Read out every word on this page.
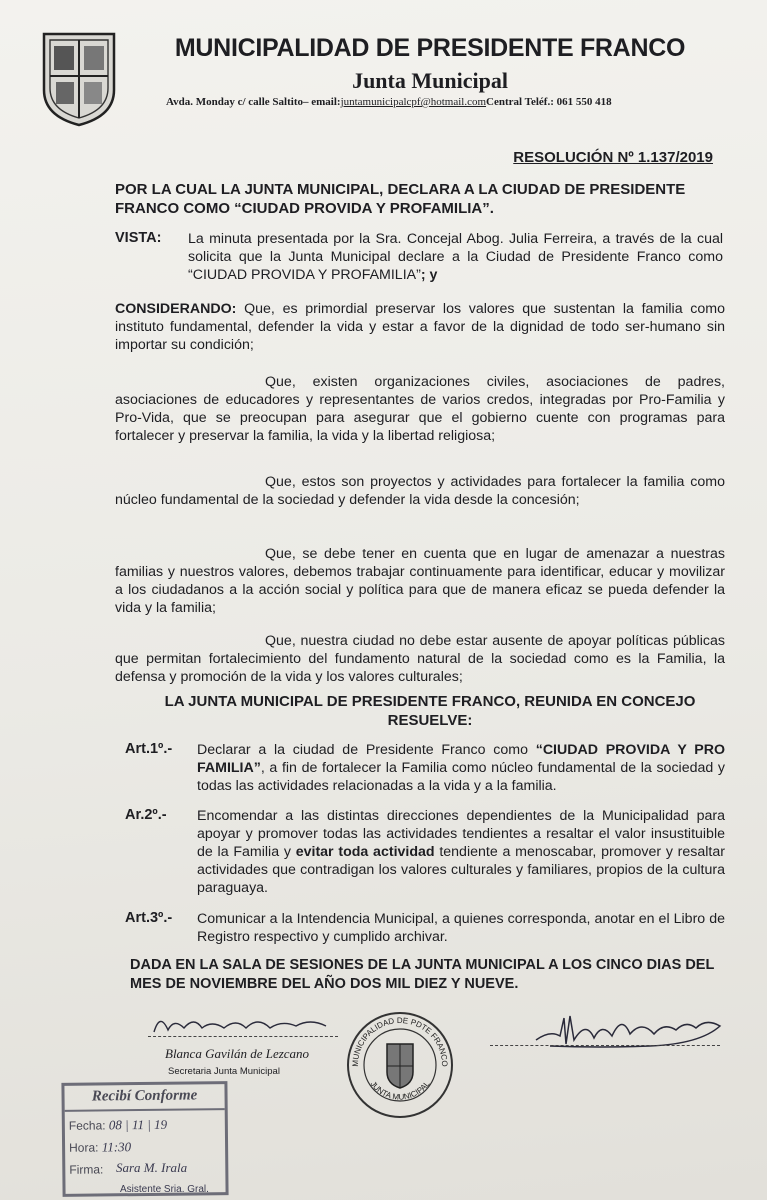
MUNICIPALIDAD DE PRESIDENTE FRANCO
Junta Municipal
Avda. Monday c/ calle Saltito– email:juntamunicipalcpf@hotmail.comCentral Teléf.: 061 550 418
RESOLUCIÓN Nº 1.137/2019
POR LA CUAL LA JUNTA MUNICIPAL, DECLARA A LA CIUDAD DE PRESIDENTE FRANCO COMO “CIUDAD PROVIDA Y PROFAMILIA”.
VISTA: La minuta presentada por la Sra. Concejal Abog. Julia Ferreira, a través de la cual solicita que la Junta Municipal declare a la Ciudad de Presidente Franco como “CIUDAD PROVIDA Y PROFAMILIA”; y
CONSIDERANDO: Que, es primordial preservar los valores que sustentan la familia como instituto fundamental, defender la vida y estar a favor de la dignidad de todo ser-humano sin importar su condición;
Que, existen organizaciones civiles, asociaciones de padres, asociaciones de educadores y representantes de varios credos, integradas por Pro-Familia y Pro-Vida, que se preocupan para asegurar que el gobierno cuente con programas para fortalecer y preservar la familia, la vida y la libertad religiosa;
Que, estos son proyectos y actividades para fortalecer la familia como núcleo fundamental de la sociedad y defender la vida desde la concesión;
Que, se debe tener en cuenta que en lugar de amenazar a nuestras familias y nuestros valores, debemos trabajar continuamente para identificar, educar y movilizar a los ciudadanos a la acción social y política para que de manera eficaz se pueda defender la vida y la familia;
Que, nuestra ciudad no debe estar ausente de apoyar políticas públicas que permitan fortalecimiento del fundamento natural de la sociedad como es la Familia, la defensa y promoción de la vida y los valores culturales;
LA JUNTA MUNICIPAL DE PRESIDENTE FRANCO, REUNIDA EN CONCEJO
RESUELVE:
Art.1º.- Declarar a la ciudad de Presidente Franco como “CIUDAD PROVIDA Y PRO FAMILIA”, a fin de fortalecer la Familia como núcleo fundamental de la sociedad y todas las actividades relacionadas a la vida y a la familia.
Ar.2º.- Encomendar a las distintas direcciones dependientes de la Municipalidad para apoyar y promover todas las actividades tendientes a resaltar el valor insustituible de la Familia y evitar toda actividad tendiente a menoscabar, promover y resaltar actividades que contradigan los valores culturales y familiares, propios de la cultura paraguaya.
Art.3º.- Comunicar a la Intendencia Municipal, a quienes corresponda, anotar en el Libro de Registro respectivo y cumplido archivar.
DADA EN LA SALA DE SESIONES DE LA JUNTA MUNICIPAL A LOS CINCO DIAS DEL MES DE NOVIEMBRE DEL AÑO DOS MIL DIEZ Y NUEVE.
Blanca Gavilán de Lezcano
Secretaria Junta Municipal
MUNICIPALIDAD DE PDTE FRANCO
JUNTA MUNICIPAL
Recibí Conforme
Fecha: 08 | 11 | 19
Hora: 11:30
Firma: Sara M. Irala
Asistente Sria. Gral.
